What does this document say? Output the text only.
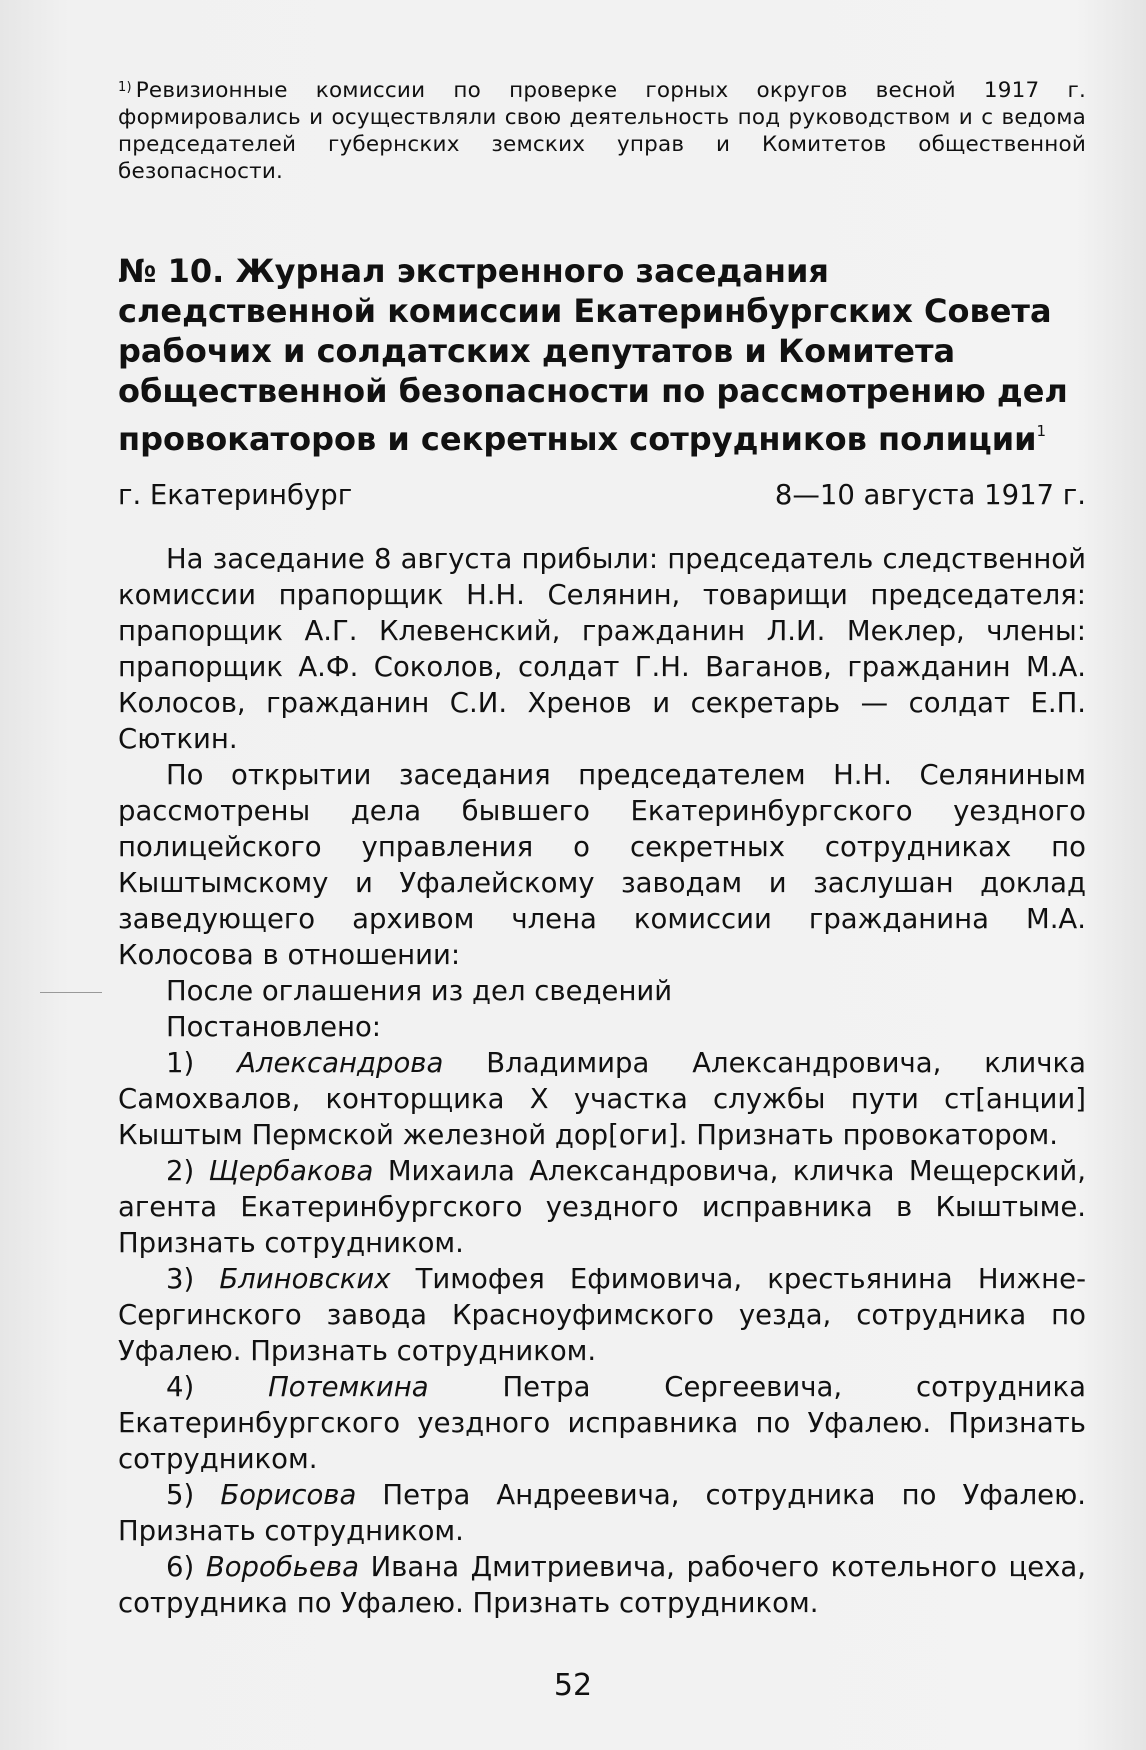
$^{1)}$ Ревизионные комиссии по проверке горных округов весной 1917 г. формировались и осуществляли свою деятельность под руководством и с ведома председателей губернских земских управ и Комитетов общественной безопасности.

№ 10. Журнал экстренного заседания следственной комиссии Екатеринбургских Совета рабочих и солдатских депутатов и Комитета общественной безопасности по рассмотрению дел провокаторов и секретных сотрудников полиции$^1$
г. Екатеринбург	8—10 августа 1917 г.

На заседание 8 августа прибыли: председатель следственной комиссии прапорщик Н.Н. Селянин, товарищи председателя: прапорщик А.Г. Клевенский, гражданин Л.И. Меклер, члены: прапорщик А.Ф. Соколов, солдат Г.Н. Ваганов, гражданин М.А. Колосов, гражданин С.И. Хренов и секретарь — солдат Е.П. Сюткин.

По открытии заседания председателем Н.Н. Селяниным рассмотрены дела бывшего Екатеринбургского уездного полицейского управления о секретных сотрудниках по Кыштымскому и Уфалейскому заводам и заслушан доклад заведующего архивом члена комиссии гражданина М.А. Колосова в отношении:

После оглашения из дел сведений

Постановлено:

1) Александрова Владимира Александровича, кличка Самохвалов, конторщика Х участка службы пути ст[анции] Кыштым Пермской железной дор[оги]. Признать провокатором.

2) Щербакова Михаила Александровича, кличка Мещерский, агента Екатеринбургского уездного исправника в Кыштыме. Признать сотрудником.

3) Блиновских Тимофея Ефимовича, крестьянина Нижне-Сергинского завода Красноуфимского уезда, сотрудника по Уфалею. Признать сотрудником.

4)	Потемкина	Петра Сергеевича, сотрудника Екатеринбургского уездного исправника по Уфалею. Признать сотрудником.

5) Борисова Петра Андреевича, сотрудника по Уфалею. Признать сотрудником.

6) Воробьева Ивана Дмитриевича, рабочего котельного цеха, сотрудника по Уфалею. Признать сотрудником.

52
